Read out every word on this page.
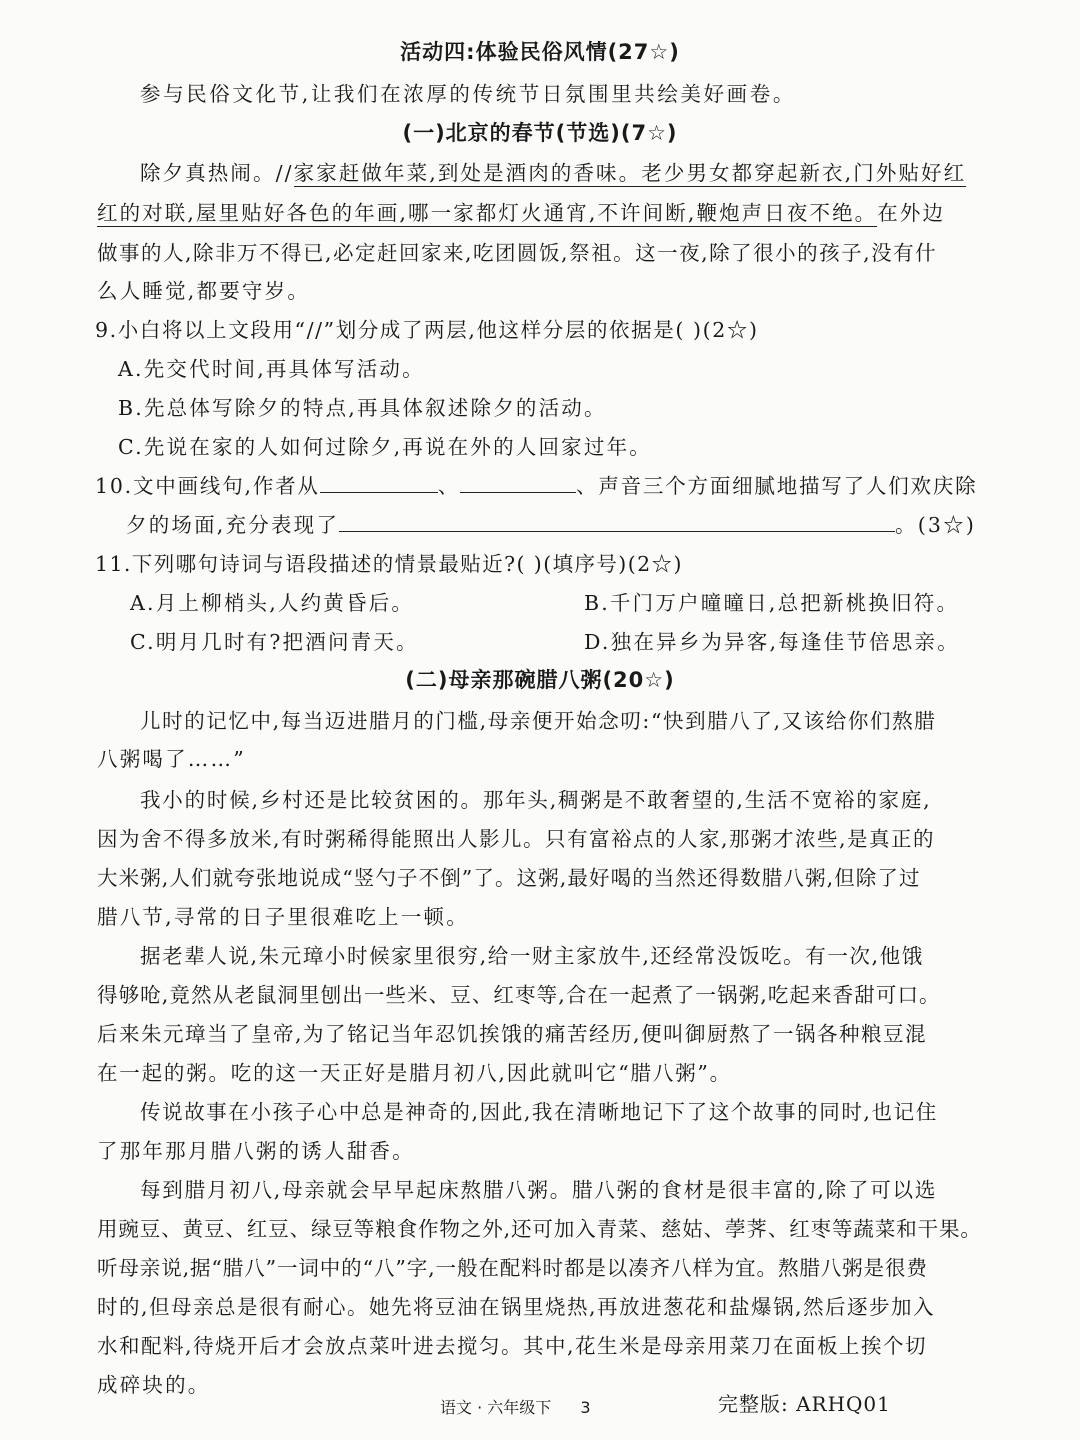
活动四:体验民俗风情(27☆)
参与民俗文化节,让我们在浓厚的传统节日氛围里共绘美好画卷。
(一)北京的春节(节选)(7☆)
除夕真热闹。//家家赶做年菜,到处是酒肉的香味。老少男女都穿起新衣,门外贴好红
红的对联,屋里贴好各色的年画,哪一家都灯火通宵,不许间断,鞭炮声日夜不绝。在外边
做事的人,除非万不得已,必定赶回家来,吃团圆饭,祭祖。这一夜,除了很小的孩子,没有什
么人睡觉,都要守岁。
9.小白将以上文段用“//”划分成了两层,他这样分层的依据是( )(2☆)
A.先交代时间,再具体写活动。
B.先总体写除夕的特点,再具体叙述除夕的活动。
C.先说在家的人如何过除夕,再说在外的人回家过年。
10.文中画线句,作者从	、	、声音三个方面细腻地描写了人们欢庆除
夕的场面,充分表现了	。(3☆)
11.下列哪句诗词与语段描述的情景最贴近?( )(填序号)(2☆)
A.月上柳梢头,人约黄昏后。	B.千门万户曈曈日,总把新桃换旧符。
C.明月几时有?把酒问青天。	D.独在异乡为异客,每逢佳节倍思亲。
(二)母亲那碗腊八粥(20☆)
儿时的记忆中,每当迈进腊月的门槛,母亲便开始念叨:“快到腊八了,又该给你们熬腊
八粥喝了……”
我小的时候,乡村还是比较贫困的。那年头,稠粥是不敢奢望的,生活不宽裕的家庭,
因为舍不得多放米,有时粥稀得能照出人影儿。只有富裕点的人家,那粥才浓些,是真正的
大米粥,人们就夸张地说成“竖勺子不倒”了。这粥,最好喝的当然还得数腊八粥,但除了过
腊八节,寻常的日子里很难吃上一顿。
据老辈人说,朱元璋小时候家里很穷,给一财主家放牛,还经常没饭吃。有一次,他饿
得够呛,竟然从老鼠洞里刨出一些米、豆、红枣等,合在一起煮了一锅粥,吃起来香甜可口。
后来朱元璋当了皇帝,为了铭记当年忍饥挨饿的痛苦经历,便叫御厨熬了一锅各种粮豆混
在一起的粥。吃的这一天正好是腊月初八,因此就叫它“腊八粥”。
传说故事在小孩子心中总是神奇的,因此,我在清晰地记下了这个故事的同时,也记住
了那年那月腊八粥的诱人甜香。
每到腊月初八,母亲就会早早起床熬腊八粥。腊八粥的食材是很丰富的,除了可以选
用豌豆、黄豆、红豆、绿豆等粮食作物之外,还可加入青菜、慈姑、荸荠、红枣等蔬菜和干果。
听母亲说,据“腊八”一词中的“八”字,一般在配料时都是以凑齐八样为宜。熬腊八粥是很费
时的,但母亲总是很有耐心。她先将豆油在锅里烧热,再放进葱花和盐爆锅,然后逐步加入
水和配料,待烧开后才会放点菜叶进去搅匀。其中,花生米是母亲用菜刀在面板上挨个切
成碎块的。
语文 · 六年级下 3	完整版: ARHQ01
